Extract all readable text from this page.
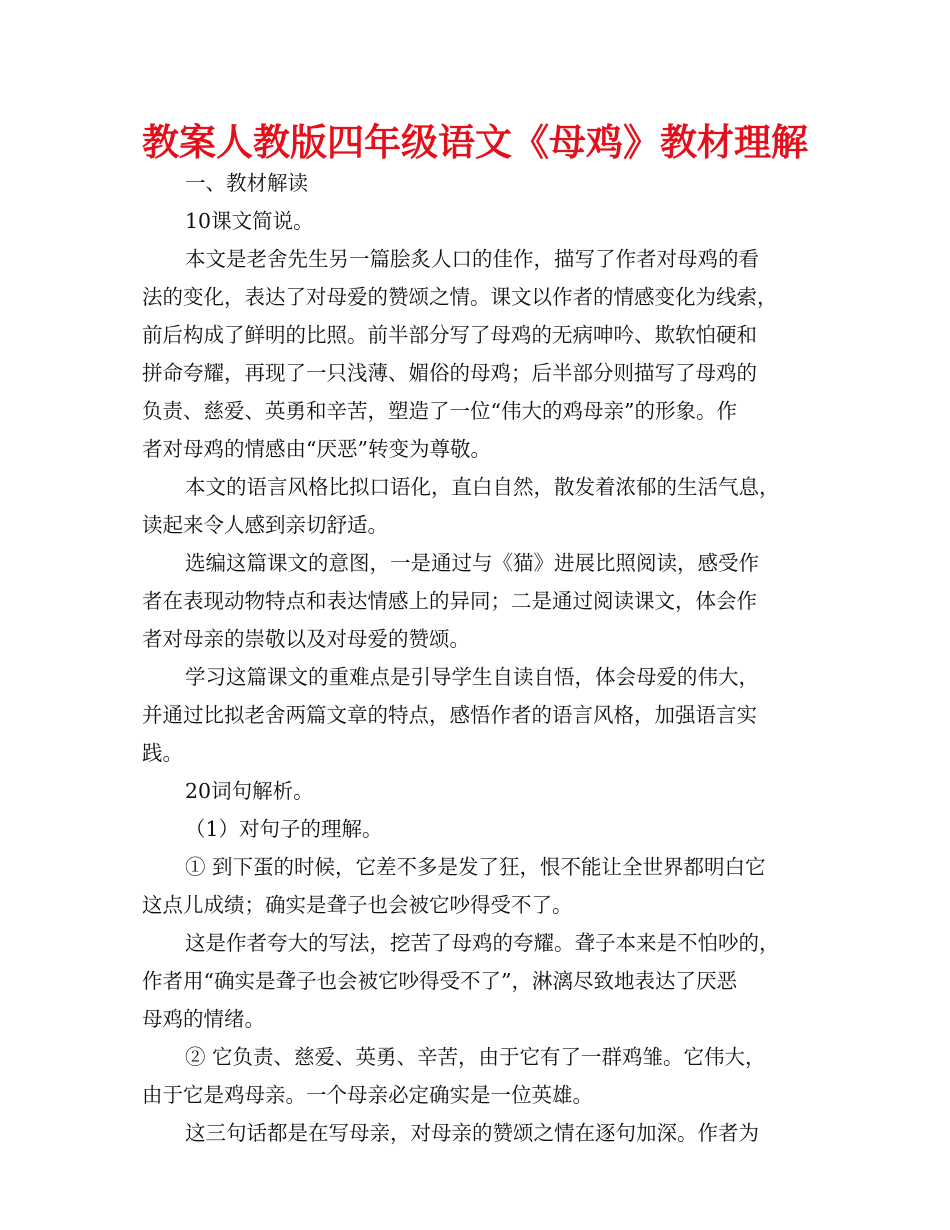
教案人教版四年级语文《母鸡》教材理解
一、教材解读
10课文简说。
本文是老舍先生另一篇脍炙人口的佳作，描写了作者对母鸡的看
法的变化，表达了对母爱的赞颂之情。课文以作者的情感变化为线索，
前后构成了鲜明的比照。前半部分写了母鸡的无病呻吟、欺软怕硬和
拼命夸耀，再现了一只浅薄、媚俗的母鸡；后半部分则描写了母鸡的
负责、慈爱、英勇和辛苦，塑造了一位“伟大的鸡母亲”的形象。作
者对母鸡的情感由“厌恶”转变为尊敬。
本文的语言风格比拟口语化，直白自然，散发着浓郁的生活气息，
读起来令人感到亲切舒适。
选编这篇课文的意图，一是通过与《猫》进展比照阅读，感受作
者在表现动物特点和表达情感上的异同；二是通过阅读课文，体会作
者对母亲的崇敬以及对母爱的赞颂。
学习这篇课文的重难点是引导学生自读自悟，体会母爱的伟大，
并通过比拟老舍两篇文章的特点，感悟作者的语言风格，加强语言实
践。
20词句解析。
（1）对句子的理解。
① 到下蛋的时候，它差不多是发了狂，恨不能让全世界都明白它
这点儿成绩；确实是聋子也会被它吵得受不了。
这是作者夸大的写法，挖苦了母鸡的夸耀。聋子本来是不怕吵的，
作者用“确实是聋子也会被它吵得受不了”，淋漓尽致地表达了厌恶
母鸡的情绪。
② 它负责、慈爱、英勇、辛苦，由于它有了一群鸡雏。它伟大，
由于它是鸡母亲。一个母亲必定确实是一位英雄。
这三句话都是在写母亲，对母亲的赞颂之情在逐句加深。作者为
